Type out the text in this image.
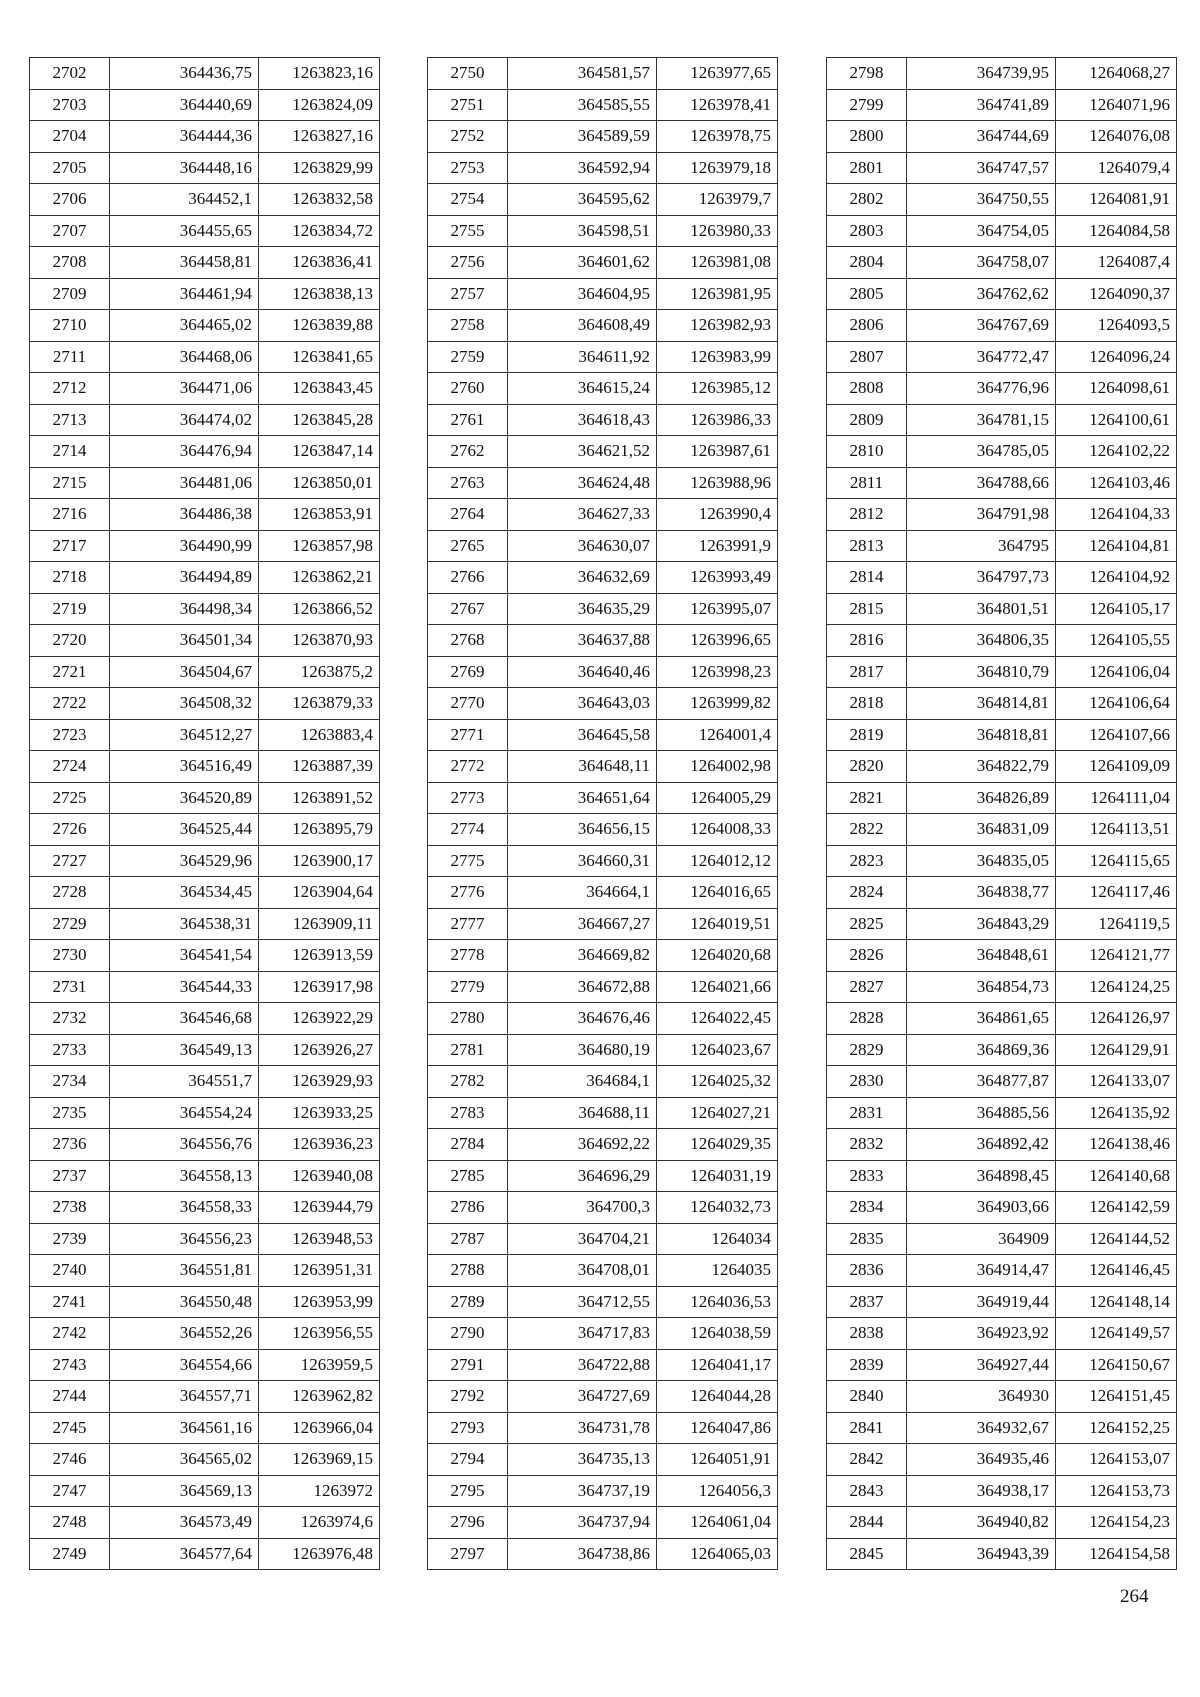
2702	364436,75	1263823,16
2703	364440,69	1263824,09
2704	364444,36	1263827,16
2705	364448,16	1263829,99
2706	364452,1	1263832,58
2707	364455,65	1263834,72
2708	364458,81	1263836,41
2709	364461,94	1263838,13
2710	364465,02	1263839,88
2711	364468,06	1263841,65
2712	364471,06	1263843,45
2713	364474,02	1263845,28
2714	364476,94	1263847,14
2715	364481,06	1263850,01
2716	364486,38	1263853,91
2717	364490,99	1263857,98
2718	364494,89	1263862,21
2719	364498,34	1263866,52
2720	364501,34	1263870,93
2721	364504,67	1263875,2
2722	364508,32	1263879,33
2723	364512,27	1263883,4
2724	364516,49	1263887,39
2725	364520,89	1263891,52
2726	364525,44	1263895,79
2727	364529,96	1263900,17
2728	364534,45	1263904,64
2729	364538,31	1263909,11
2730	364541,54	1263913,59
2731	364544,33	1263917,98
2732	364546,68	1263922,29
2733	364549,13	1263926,27
2734	364551,7	1263929,93
2735	364554,24	1263933,25
2736	364556,76	1263936,23
2737	364558,13	1263940,08
2738	364558,33	1263944,79
2739	364556,23	1263948,53
2740	364551,81	1263951,31
2741	364550,48	1263953,99
2742	364552,26	1263956,55
2743	364554,66	1263959,5
2744	364557,71	1263962,82
2745	364561,16	1263966,04
2746	364565,02	1263969,15
2747	364569,13	1263972
2748	364573,49	1263974,6
2749	364577,64	1263976,48
2750	364581,57	1263977,65
2751	364585,55	1263978,41
2752	364589,59	1263978,75
2753	364592,94	1263979,18
2754	364595,62	1263979,7
2755	364598,51	1263980,33
2756	364601,62	1263981,08
2757	364604,95	1263981,95
2758	364608,49	1263982,93
2759	364611,92	1263983,99
2760	364615,24	1263985,12
2761	364618,43	1263986,33
2762	364621,52	1263987,61
2763	364624,48	1263988,96
2764	364627,33	1263990,4
2765	364630,07	1263991,9
2766	364632,69	1263993,49
2767	364635,29	1263995,07
2768	364637,88	1263996,65
2769	364640,46	1263998,23
2770	364643,03	1263999,82
2771	364645,58	1264001,4
2772	364648,11	1264002,98
2773	364651,64	1264005,29
2774	364656,15	1264008,33
2775	364660,31	1264012,12
2776	364664,1	1264016,65
2777	364667,27	1264019,51
2778	364669,82	1264020,68
2779	364672,88	1264021,66
2780	364676,46	1264022,45
2781	364680,19	1264023,67
2782	364684,1	1264025,32
2783	364688,11	1264027,21
2784	364692,22	1264029,35
2785	364696,29	1264031,19
2786	364700,3	1264032,73
2787	364704,21	1264034
2788	364708,01	1264035
2789	364712,55	1264036,53
2790	364717,83	1264038,59
2791	364722,88	1264041,17
2792	364727,69	1264044,28
2793	364731,78	1264047,86
2794	364735,13	1264051,91
2795	364737,19	1264056,3
2796	364737,94	1264061,04
2797	364738,86	1264065,03
2798	364739,95	1264068,27
2799	364741,89	1264071,96
2800	364744,69	1264076,08
2801	364747,57	1264079,4
2802	364750,55	1264081,91
2803	364754,05	1264084,58
2804	364758,07	1264087,4
2805	364762,62	1264090,37
2806	364767,69	1264093,5
2807	364772,47	1264096,24
2808	364776,96	1264098,61
2809	364781,15	1264100,61
2810	364785,05	1264102,22
2811	364788,66	1264103,46
2812	364791,98	1264104,33
2813	364795	1264104,81
2814	364797,73	1264104,92
2815	364801,51	1264105,17
2816	364806,35	1264105,55
2817	364810,79	1264106,04
2818	364814,81	1264106,64
2819	364818,81	1264107,66
2820	364822,79	1264109,09
2821	364826,89	1264111,04
2822	364831,09	1264113,51
2823	364835,05	1264115,65
2824	364838,77	1264117,46
2825	364843,29	1264119,5
2826	364848,61	1264121,77
2827	364854,73	1264124,25
2828	364861,65	1264126,97
2829	364869,36	1264129,91
2830	364877,87	1264133,07
2831	364885,56	1264135,92
2832	364892,42	1264138,46
2833	364898,45	1264140,68
2834	364903,66	1264142,59
2835	364909	1264144,52
2836	364914,47	1264146,45
2837	364919,44	1264148,14
2838	364923,92	1264149,57
2839	364927,44	1264150,67
2840	364930	1264151,45
2841	364932,67	1264152,25
2842	364935,46	1264153,07
2843	364938,17	1264153,73
2844	364940,82	1264154,23
2845	364943,39	1264154,58
264
